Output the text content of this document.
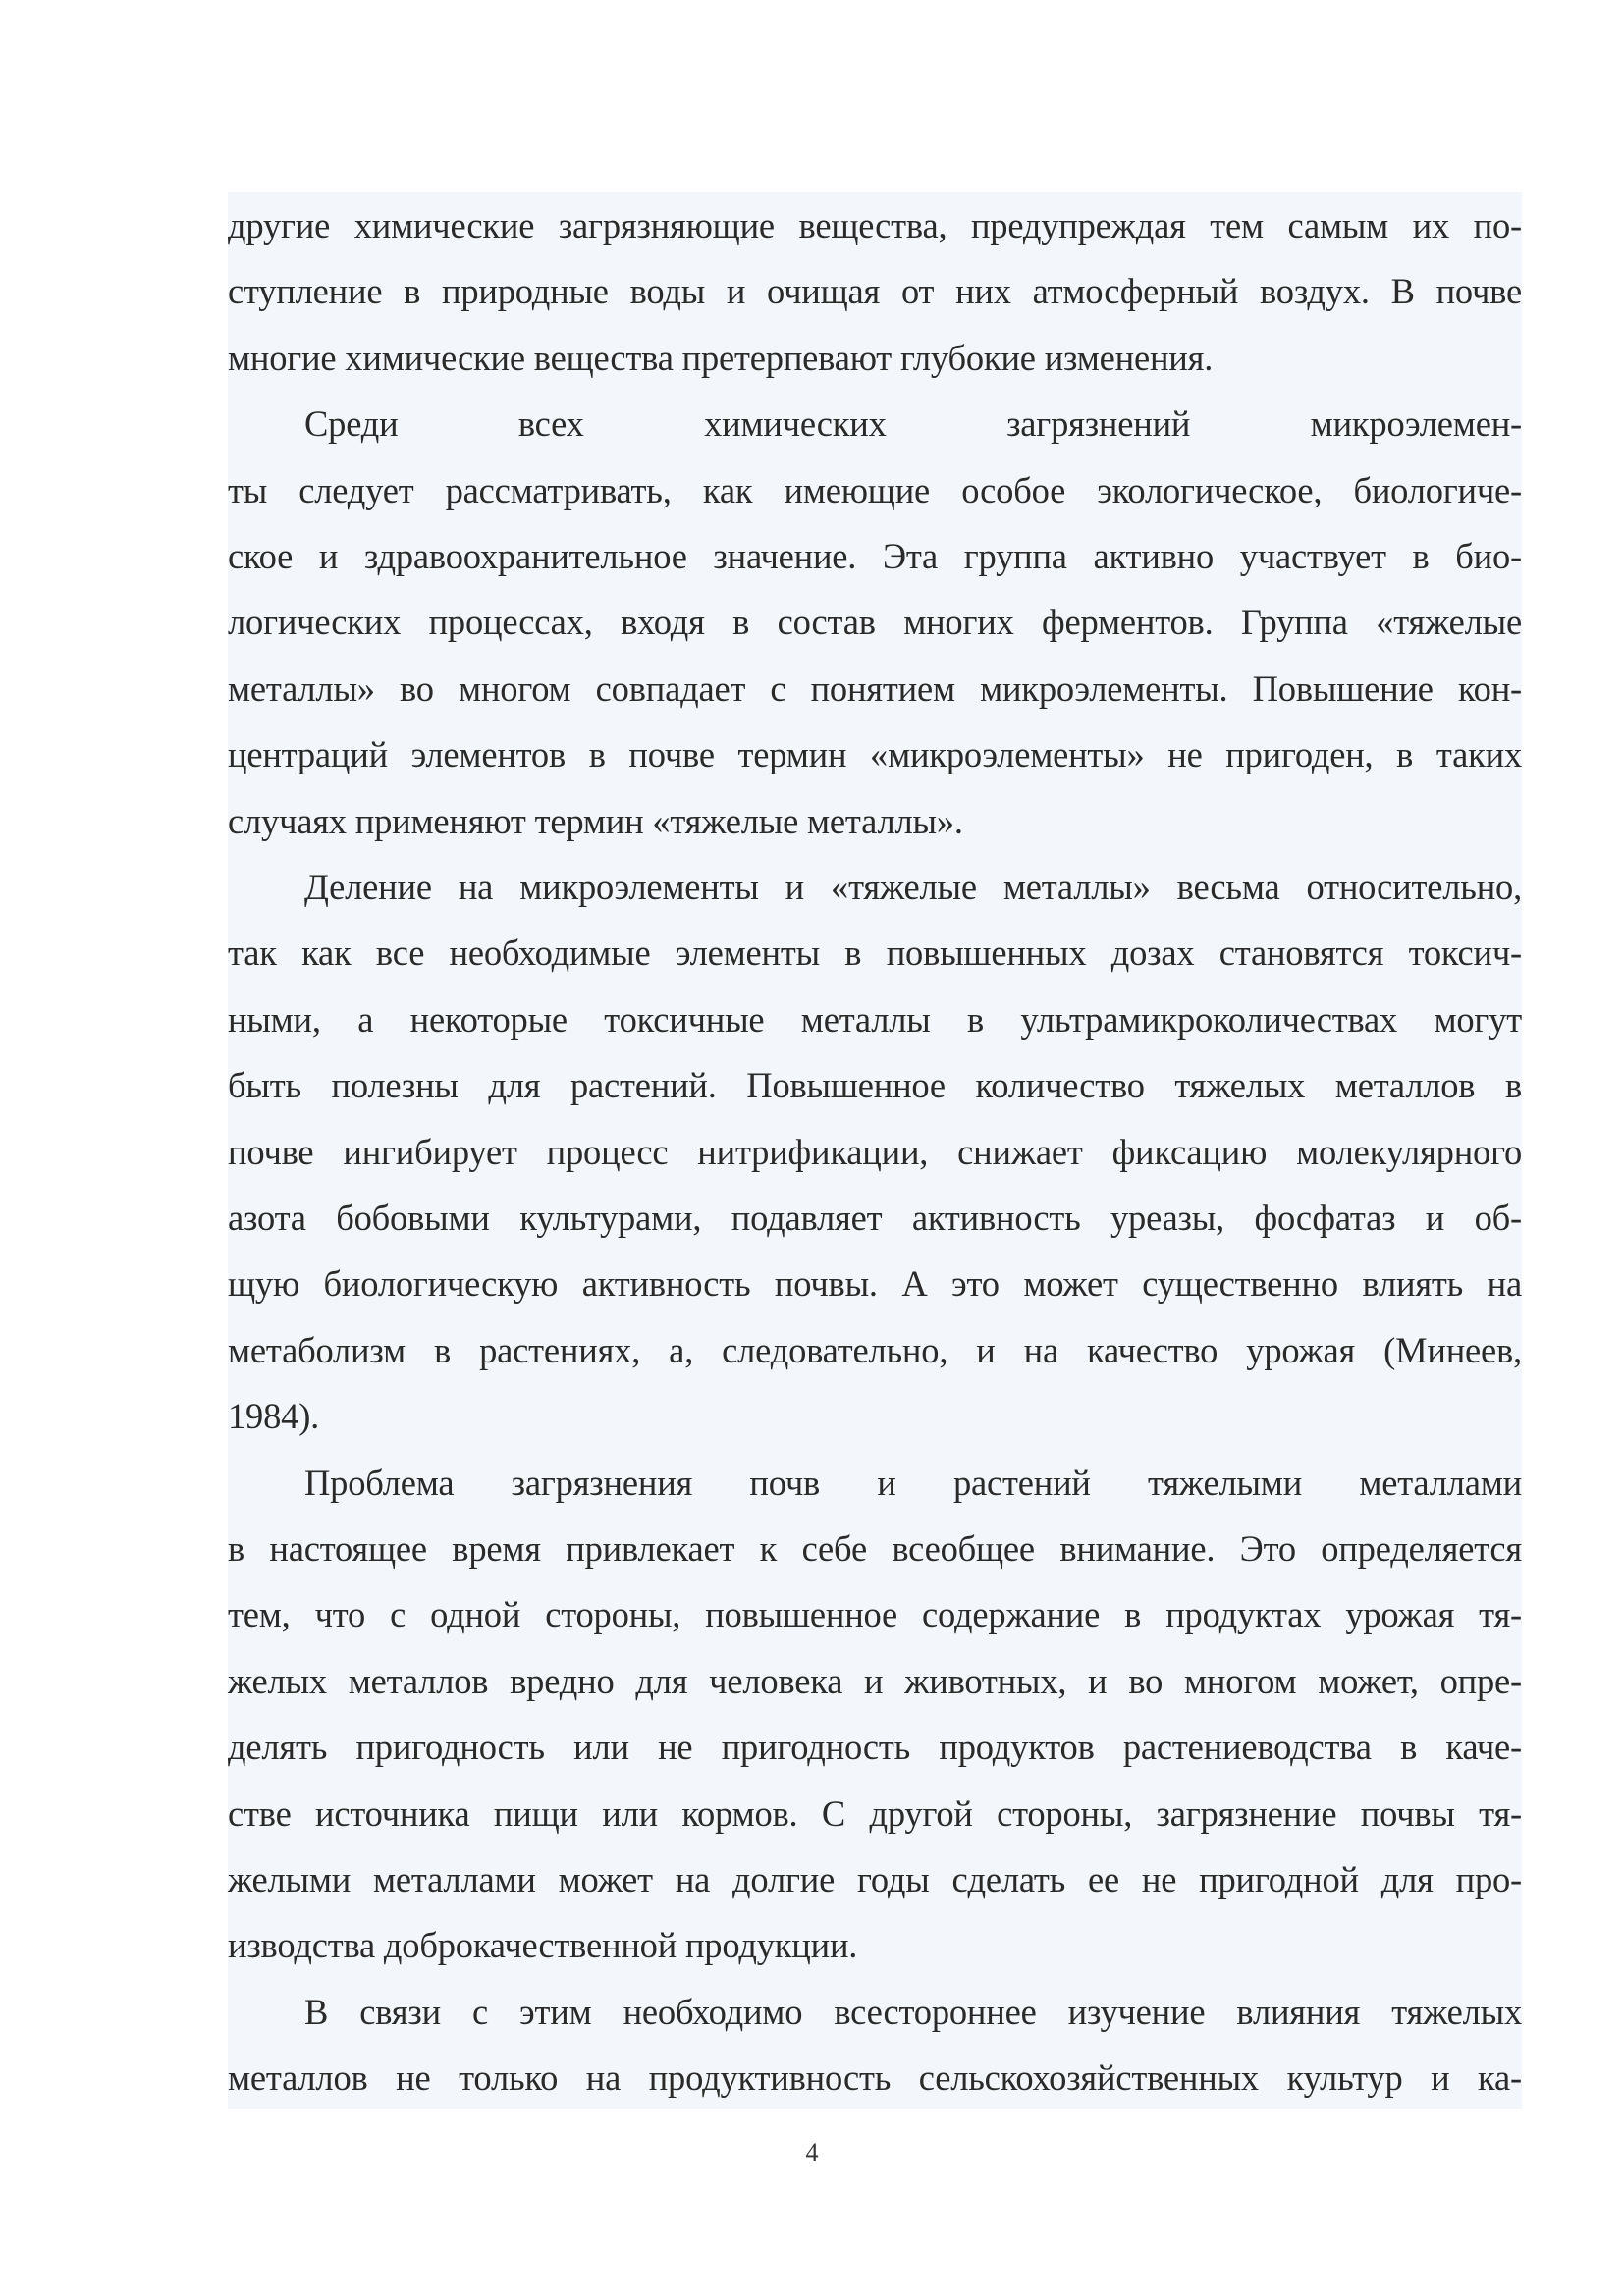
другие химические загрязняющие вещества, предупреждая тем самым их по-
ступление в природные воды и очищая от них атмосферный воздух. В почве
многие химические вещества претерпевают глубокие изменения.
Среди всех химических загрязнений микроэлемен-
ты следует рассматривать, как имеющие особое экологическое, биологиче-
ское и здравоохранительное значение. Эта группа активно участвует в био-
логических процессах, входя в состав многих ферментов. Группа «тяжелые
металлы» во многом совпадает с понятием микроэлементы. Повышение кон-
центраций элементов в почве термин «микроэлементы» не пригоден, в таких
случаях применяют термин «тяжелые металлы».
Деление на микроэлементы и «тяжелые металлы» весьма относительно,
так как все необходимые элементы в повышенных дозах становятся токсич-
ными, а некоторые токсичные металлы в ультрамикроколичествах могут
быть полезны для растений. Повышенное количество тяжелых металлов в
почве ингибирует процесс нитрификации, снижает фиксацию молекулярного
азота бобовыми культурами, подавляет активность уреазы, фосфатаз и об-
щую биологическую активность почвы. А это может существенно влиять на
метаболизм в растениях, а, следовательно, и на качество урожая (Минеев,
1984).
Проблема загрязнения почв и растений тяжелыми металлами
в настоящее время привлекает к себе всеобщее внимание. Это определяется
тем, что с одной стороны, повышенное содержание в продуктах урожая тя-
желых металлов вредно для человека и животных, и во многом может, опре-
делять пригодность или не пригодность продуктов растениеводства в каче-
стве источника пищи или кормов. С другой стороны, загрязнение почвы тя-
желыми металлами может на долгие годы сделать ее не пригодной для про-
изводства доброкачественной продукции.
В связи с этим необходимо всестороннее изучение влияния тяжелых
металлов не только на продуктивность сельскохозяйственных культур и ка-
4
